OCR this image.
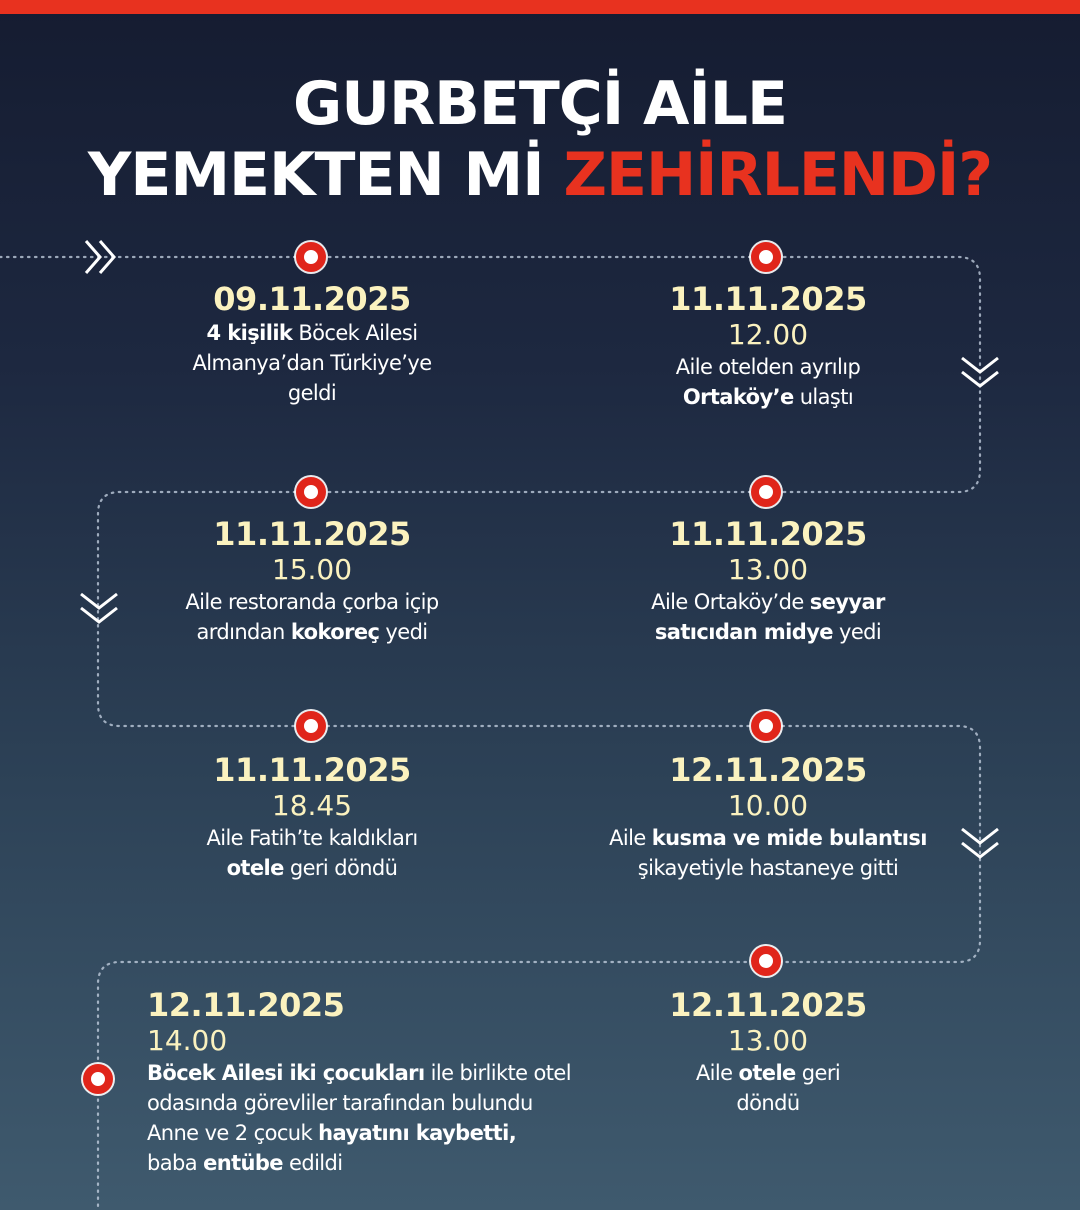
GURBETÇİ AİLE
YEMEKTEN Mİ ZEHİRLENDİ?
09.11.2025
4 kişilik Böcek Ailesi
Almanya’dan Türkiye’ye
geldi
11.11.2025
12.00
Aile otelden ayrılıp
Ortaköy’e ulaştı
11.11.2025
13.00
Aile Ortaköy’de seyyar
satıcıdan midye yedi
11.11.2025
15.00
Aile restoranda çorba içip
ardından kokoreç yedi
11.11.2025
18.45
Aile Fatih’te kaldıkları
otele geri döndü
12.11.2025
10.00
Aile kusma ve mide bulantısı
şikayetiyle hastaneye gitti
12.11.2025
13.00
Aile otele geri
döndü
12.11.2025
14.00
Böcek Ailesi iki çocukları ile birlikte otel
odasında görevliler tarafından bulundu
Anne ve 2 çocuk hayatını kaybetti,
baba entübe edildi
